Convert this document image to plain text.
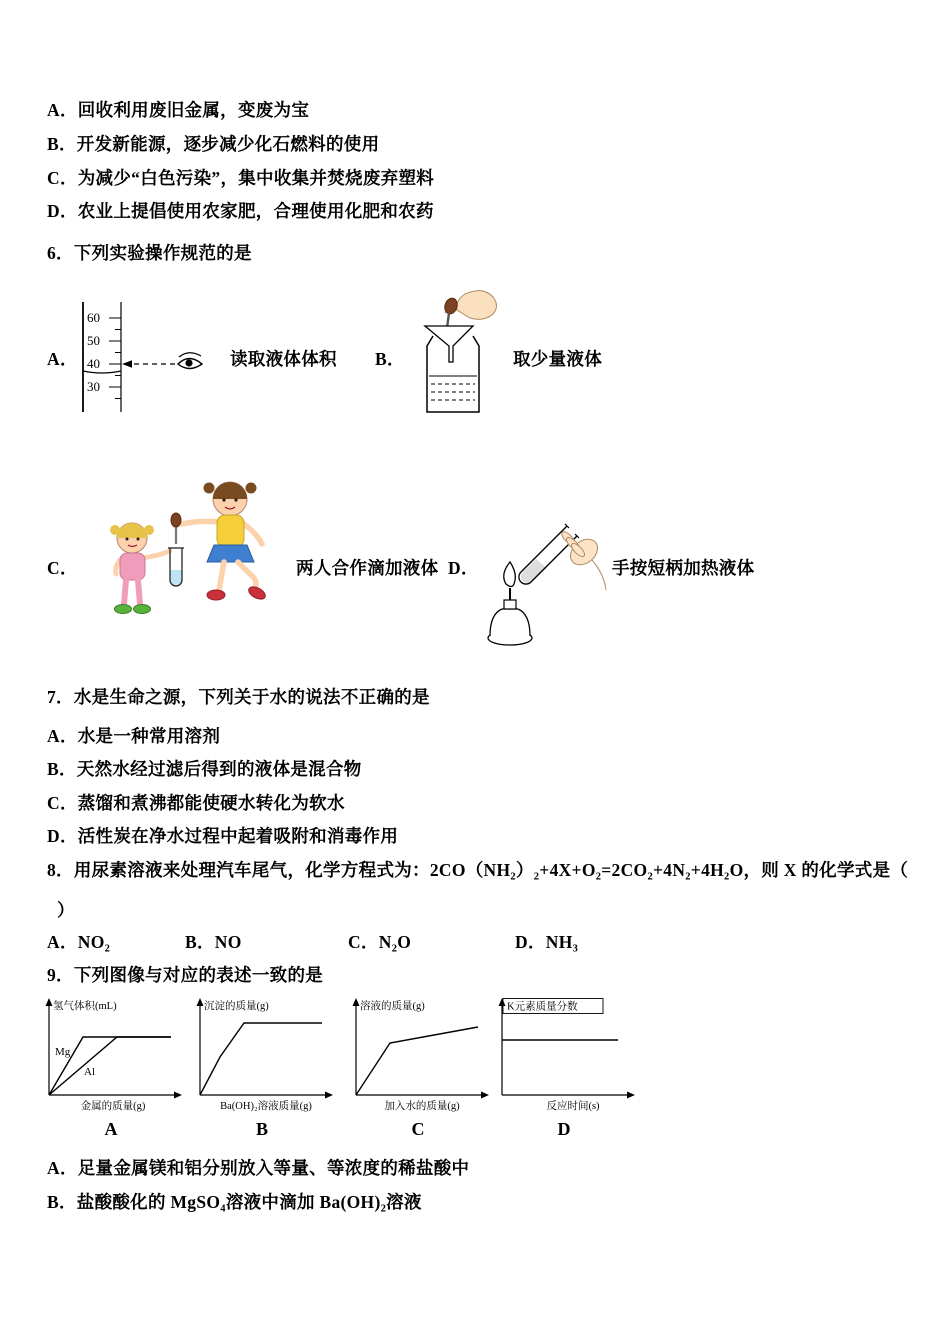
A．回收利用废旧金属，变废为宝
B．开发新能源，逐步减少化石燃料的使用
C．为减少“白色污染”，集中收集并焚烧废弃塑料
D．农业上提倡使用农家肥，合理使用化肥和农药
6．下列实验操作规范的是
A．
60
50
40
30
读取液体体积 B．	取少量液体
C．	两人合作滴加液体 D．	手按短柄加热液体
7．水是生命之源，下列关于水的说法不正确的是
A．水是一种常用溶剂
B．天然水经过滤后得到的液体是混合物
C．蒸馏和煮沸都能使硬水转化为软水
D．活性炭在净水过程中起着吸附和消毒作用
8．用尿素溶液来处理汽车尾气，化学方程式为：2CO（NH₂）₂+4X+O₂=2CO₂+4N₂+4H₂O，则 X 的化学式是（
）
A．NO₂	B．NO	C．N₂O	D．NH₃
9．下列图像与对应的表述一致的是
氢气体积(mL)
Mg
Al
金属的质量(g)
A
沉淀的质量(g)
Ba(OH)₂溶液质量(g)
B
溶液的质量(g)
加入水的质量(g)
C
K元素质量分数
反应时间(s)
D
A．足量金属镁和铝分别放入等量、等浓度的稀盐酸中
B．盐酸酸化的 MgSO₄溶液中滴加 Ba(OH)₂溶液
